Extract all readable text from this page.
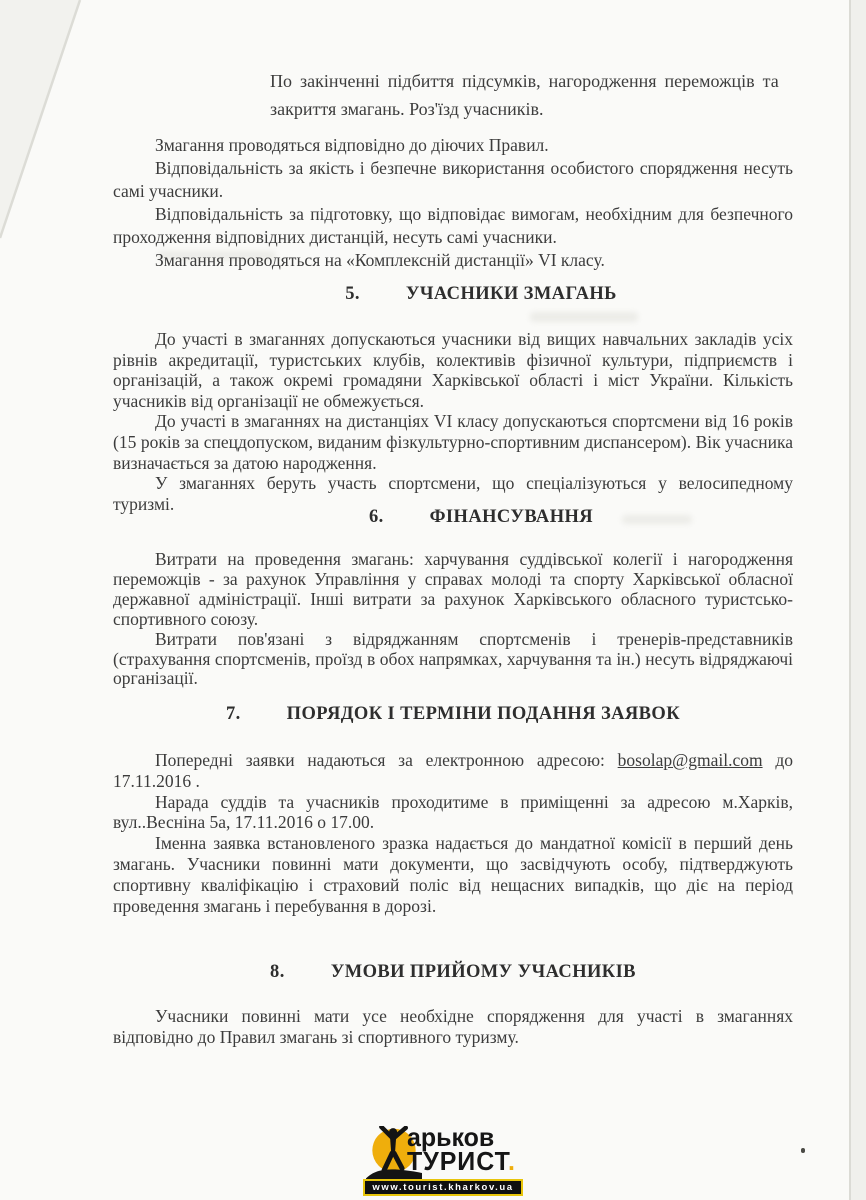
По закінченні підбиття підсумків, нагородження переможців та
закриття змагань. Роз'їзд учасників.

Змагання проводяться відповідно до діючих Правил.

Відповідальність за якість і безпечне використання особистого спорядження несуть самі учасники.

Відповідальність за підготовку, що відповідає вимогам, необхідним для безпечного проходження відповідних дистанцій, несуть самі учасники.

Змагання проводяться на «Комплексній дистанції» VI класу.

5. УЧАСНИКИ ЗМАГАНЬ

До участі в змаганнях допускаються учасники від вищих навчальних закладів усіх рівнів акредитації, туристських клубів, колективів фізичної культури, підприємств і організацій, а також окремі громадяни Харківської області і міст України. Кількість учасників від організації не обмежується.

До участі в змаганнях на дистанціях VI класу допускаються спортсмени від 16 років (15 років за спецдопуском, виданим фізкультурно-спортивним диспансером). Вік учасника визначається за датою народження.

У змаганнях беруть участь спортсмени, що спеціалізуються у велосипедному туризмі.

6. ФІНАНСУВАННЯ

Витрати на проведення змагань: харчування суддівської колегії і нагородження переможців - за рахунок Управління у справах молоді та спорту Харківської обласної державної адміністрації. Інші витрати за рахунок Харківського обласного туристсько-спортивного союзу.

Витрати пов'язані з відряджанням спортсменів і тренерів-представників (страхування спортсменів, проїзд в обох напрямках, харчування та ін.) несуть відряджаючі організації.

7. ПОРЯДОК І ТЕРМІНИ ПОДАННЯ ЗАЯВОК

Попередні заявки надаються за електронною адресою: bosolap@gmail.com до 17.11.2016 .

Нарада суддів та учасників проходитиме в приміщенні за адресою м.Харків, вул..Весніна 5а, 17.11.2016 о 17.00.

Іменна заявка встановленого зразка надається до мандатної комісії в перший день змагань. Учасники повинні мати документи, що засвідчують особу, підтверджують спортивну кваліфікацію і страховий поліс від нещасних випадків, що діє на період проведення змагань і перебування в дорозі.

8. УМОВИ ПРИЙОМУ УЧАСНИКІВ

Учасники повинні мати усе необхідне спорядження для участі в змаганнях відповідно до Правил змагань зі спортивного туризму.

арьков
ТУРИСТ.
www.tourist.kharkov.ua
